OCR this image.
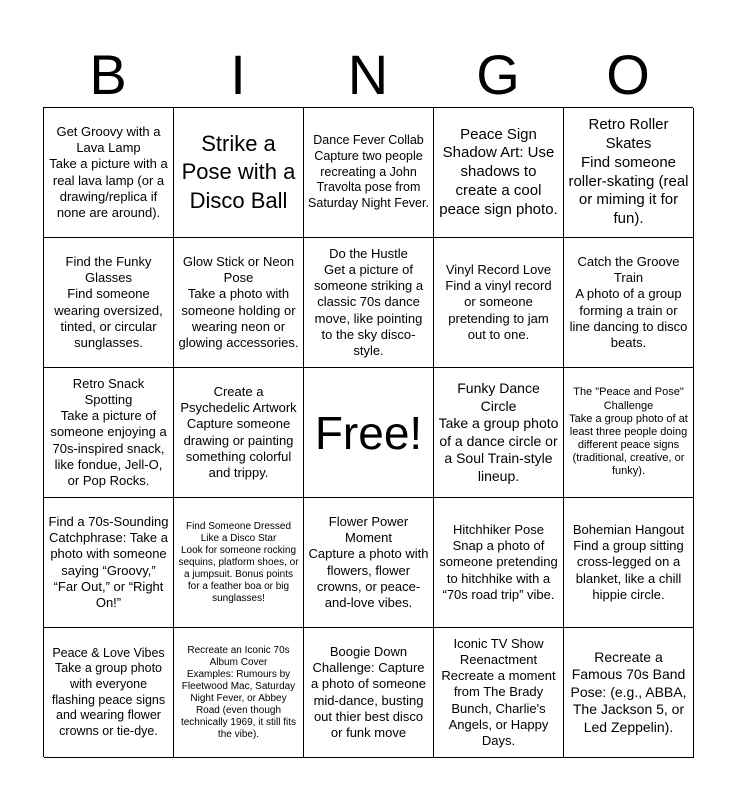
B	I	N	G	O
Get Groovy with a Lava Lamp
Take a picture with a real lava lamp (or a drawing/replica if none are around).
Strike a Pose with a Disco Ball
Dance Fever Collab
Capture two people recreating a John Travolta pose from Saturday Night Fever.
Peace Sign Shadow Art: Use shadows to create a cool peace sign photo.
Retro Roller Skates
Find someone roller-skating (real or miming it for fun).
Find the Funky Glasses
Find someone wearing oversized, tinted, or circular sunglasses.
Glow Stick or Neon Pose
Take a photo with someone holding or wearing neon or glowing accessories.
Do the Hustle
Get a picture of someone striking a classic 70s dance move, like pointing to the sky disco-style.
Vinyl Record Love
Find a vinyl record or someone pretending to jam out to one.
Catch the Groove Train
A photo of a group forming a train or line dancing to disco beats.
Retro Snack Spotting
Take a picture of someone enjoying a 70s-inspired snack, like fondue, Jell-O, or Pop Rocks.
Create a Psychedelic Artwork
Capture someone drawing or painting something colorful and trippy.
Free!
Funky Dance Circle
Take a group photo of a dance circle or a Soul Train-style lineup.
The "Peace and Pose" Challenge
Take a group photo of at least three people doing different peace signs (traditional, creative, or funky).
Find a 70s-Sounding Catchphrase: Take a photo with someone saying “Groovy,” “Far Out,” or “Right On!”
Find Someone Dressed Like a Disco Star
Look for someone rocking sequins, platform shoes, or a jumpsuit. Bonus points for a feather boa or big sunglasses!
Flower Power Moment
Capture a photo with flowers, flower crowns, or peace-and-love vibes.
Hitchhiker Pose
Snap a photo of someone pretending to hitchhike with a “70s road trip” vibe.
Bohemian Hangout
Find a group sitting cross-legged on a blanket, like a chill hippie circle.
Peace & Love Vibes
Take a group photo with everyone flashing peace signs and wearing flower crowns or tie-dye.
Recreate an Iconic 70s Album Cover
Examples: Rumours by Fleetwood Mac, Saturday Night Fever, or Abbey Road (even though technically 1969, it still fits the vibe).
Boogie Down Challenge: Capture a photo of someone mid-dance, busting out thier best disco or funk move
Iconic TV Show Reenactment
Recreate a moment from The Brady Bunch, Charlie's Angels, or Happy Days.
Recreate a Famous 70s Band Pose: (e.g., ABBA, The Jackson 5, or Led Zeppelin).
